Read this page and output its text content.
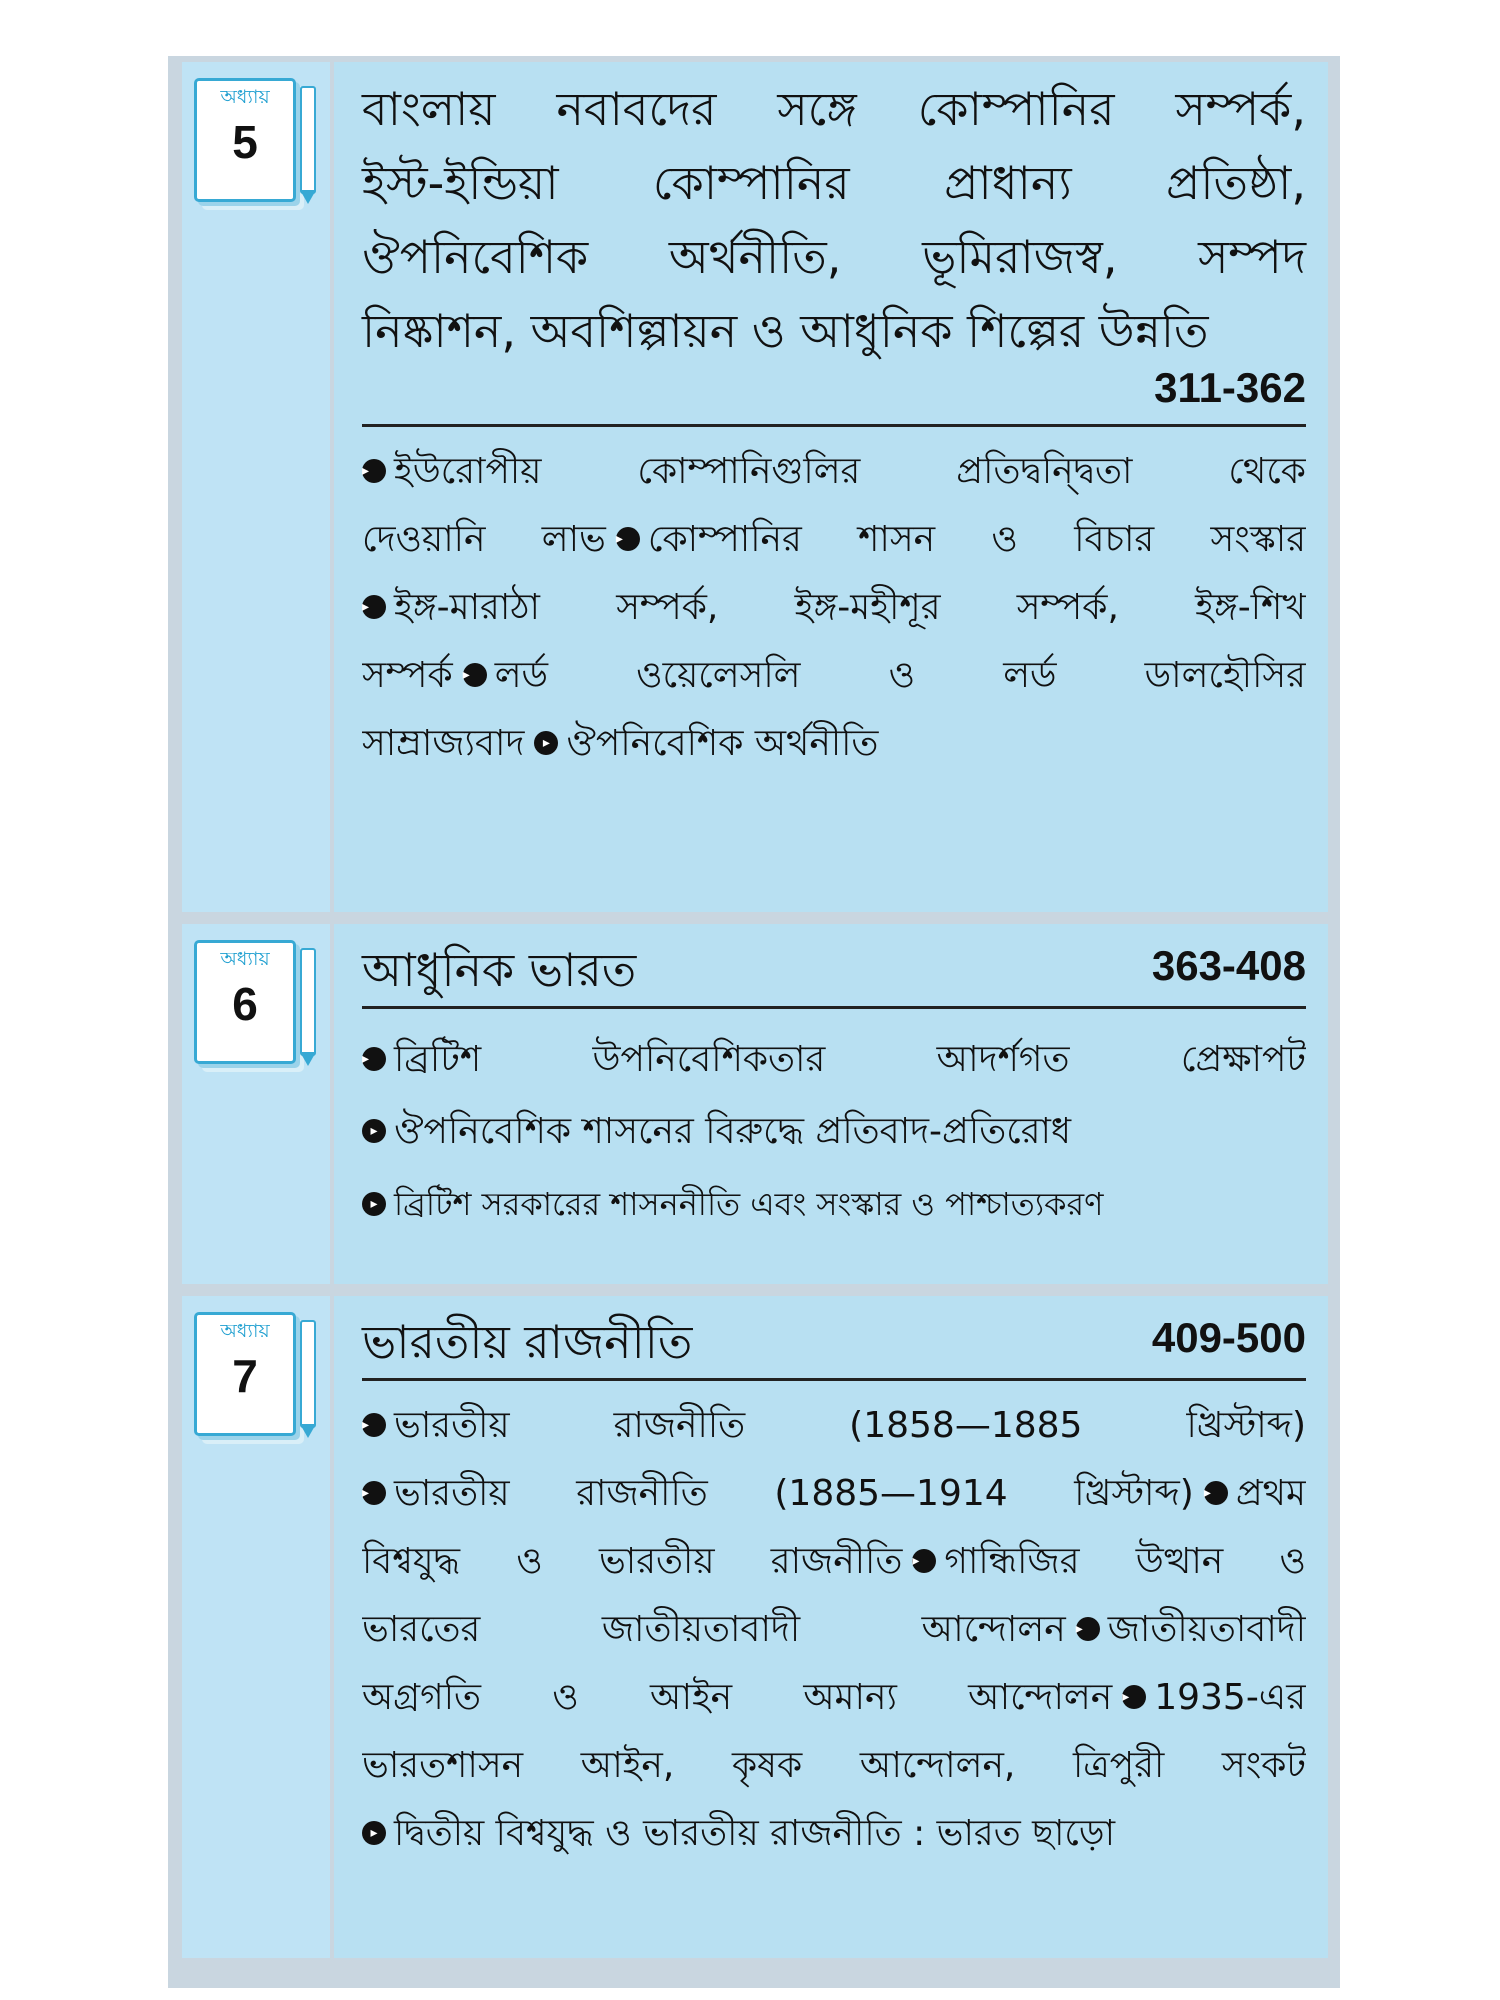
অধ্যায়
5
বাংলায় নবাবদের সঙ্গে কোম্পানির সম্পর্ক,
ইস্ট-ইন্ডিয়া কোম্পানির প্রাধান্য প্রতিষ্ঠা,
ঔপনিবেশিক অর্থনীতি, ভূমিরাজস্ব, সম্পদ
নিষ্কাশন, অবশিল্পায়ন ও আধুনিক শিল্পের উন্নতি
311-362
▸ ইউরোপীয় কোম্পানিগুলির প্রতিদ্বন্দ্বিতা থেকে
দেওয়ানি লাভ ▸ কোম্পানির শাসন ও বিচার সংস্কার
▸ ইঙ্গ-মারাঠা সম্পর্ক, ইঙ্গ-মহীশূর সম্পর্ক, ইঙ্গ-শিখ
সম্পর্ক ▸ লর্ড ওয়েলেসলি ও লর্ড ডালহৌসির
সাম্রাজ্যবাদ ▸ ঔপনিবেশিক অর্থনীতি
অধ্যায়
6
আধুনিক ভারত	363-408
▸ ব্রিটিশ উপনিবেশিকতার আদর্শগত প্রেক্ষাপট
▸ ঔপনিবেশিক শাসনের বিরুদ্ধে প্রতিবাদ-প্রতিরোধ
▸ ব্রিটিশ সরকারের শাসননীতি এবং সংস্কার ও পাশ্চাত্যকরণ
অধ্যায়
7
ভারতীয় রাজনীতি	409-500
▸ ভারতীয় রাজনীতি (1858—1885 খ্রিস্টাব্দ)
▸ ভারতীয় রাজনীতি (1885—1914 খ্রিস্টাব্দ) ▸ প্রথম
বিশ্বযুদ্ধ ও ভারতীয় রাজনীতি ▸ গান্ধিজির উত্থান ও
ভারতের জাতীয়তাবাদী আন্দোলন ▸ জাতীয়তাবাদী
অগ্রগতি ও আইন অমান্য আন্দোলন ▸ 1935-এর
ভারতশাসন আইন, কৃষক আন্দোলন, ত্রিপুরী সংকট
▸ দ্বিতীয় বিশ্বযুদ্ধ ও ভারতীয় রাজনীতি : ভারত ছাড়ো
